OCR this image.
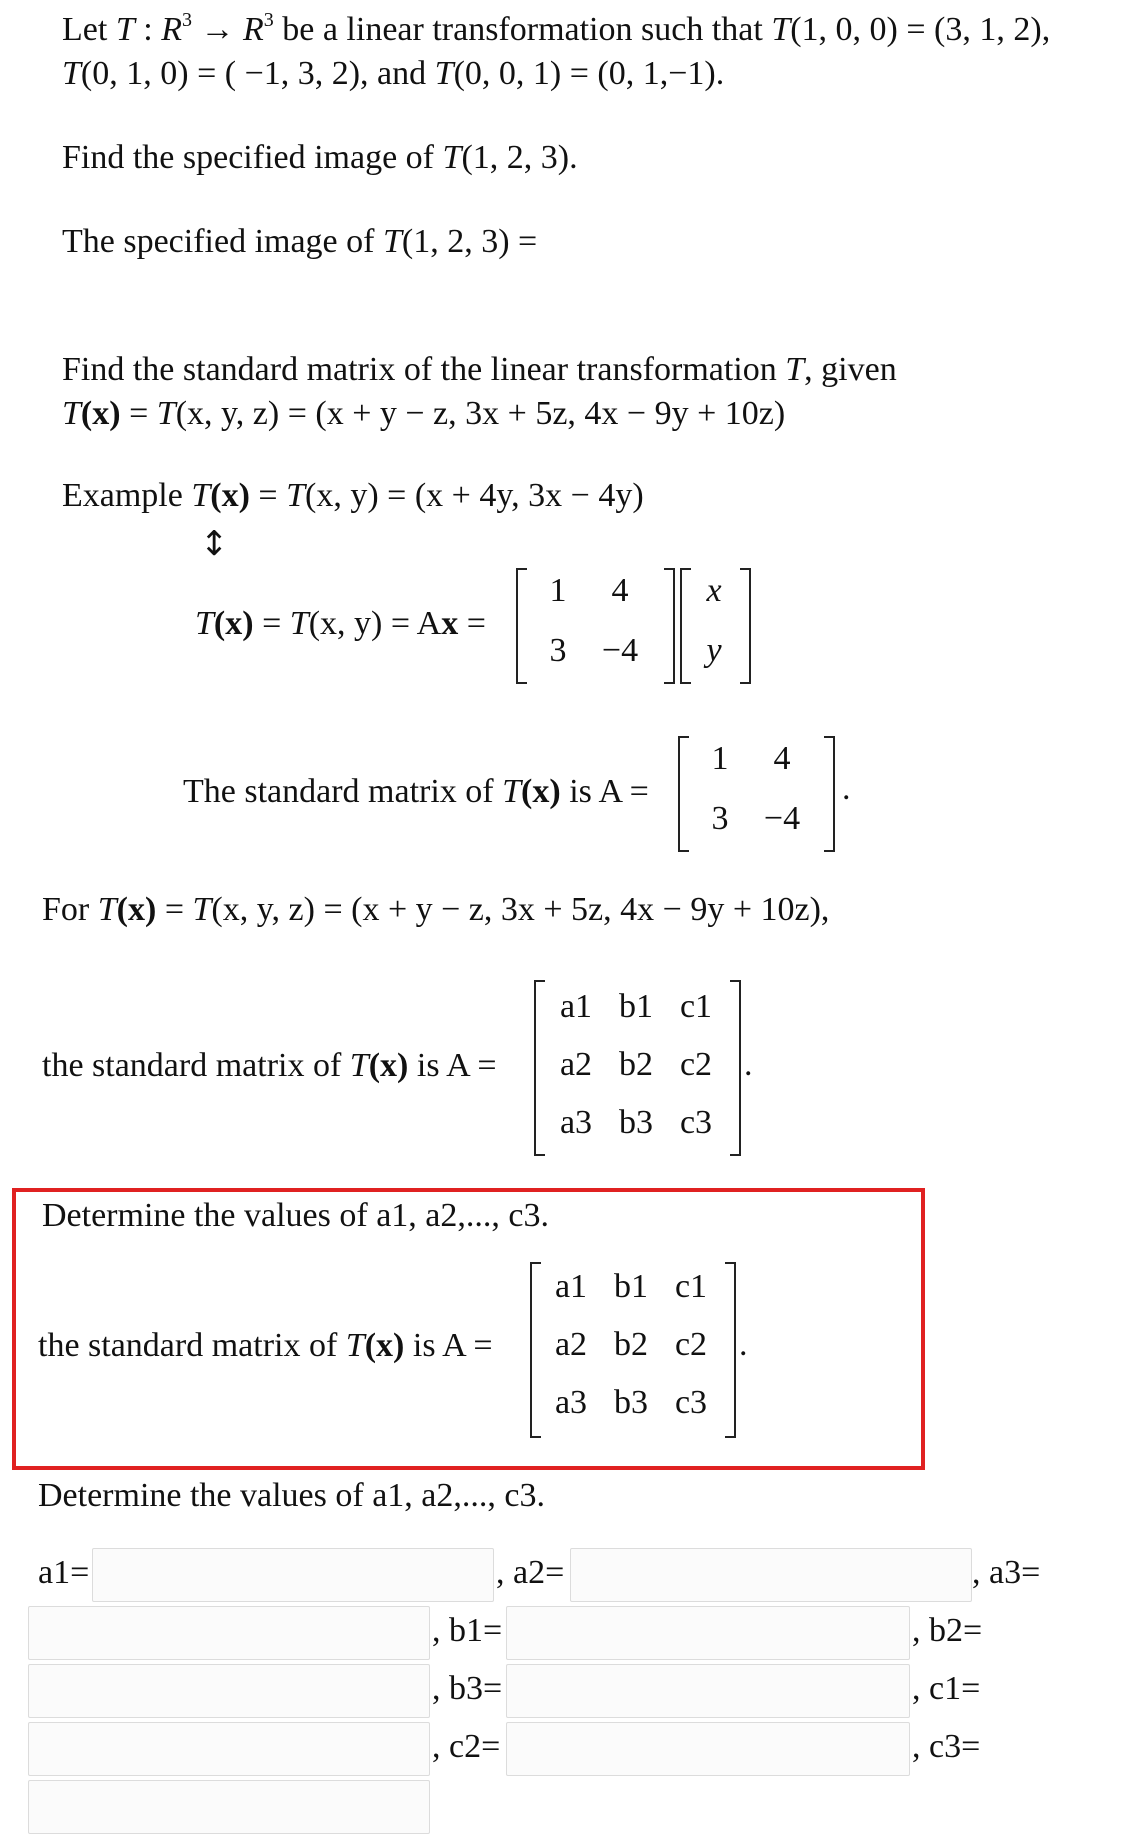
Let T : $R^3 \to R^3$ be a linear transformation such that T(1, 0, 0) = (3, 1, 2),
T(0, 1, 0) = ( −1, 3, 2), and T(0, 0, 1) = (0, 1,−1).
Find the specified image of T(1, 2, 3).
The specified image of T(1, 2, 3) =
Find the standard matrix of the linear transformation T, given
T(x) = T(x, y, z) = (x + y − z, 3x + 5z, 4x − 9y + 10z)
Example T(x) = T(x, y) = (x + 4y, 3x − 4y)
↕
T(x) = T(x, y) = Ax =
1	4
3	−4
x
y
The standard matrix of T(x) is A =
1	4
3	−4
.
For T(x) = T(x, y, z) = (x + y − z, 3x + 5z, 4x − 9y + 10z),
the standard matrix of T(x) is A =
a1 b1 c1
a2 b2 c2
a3 b3 c3
.
Determine the values of a1, a2,..., c3.
the standard matrix of T(x) is A =
a1 b1 c1
a2 b2 c2
a3 b3 c3
.
Determine the values of a1, a2,..., c3.
a1=	, a2=	, a3=
, b1=	, b2=
, b3=	, c1=
, c2=	, c3=
